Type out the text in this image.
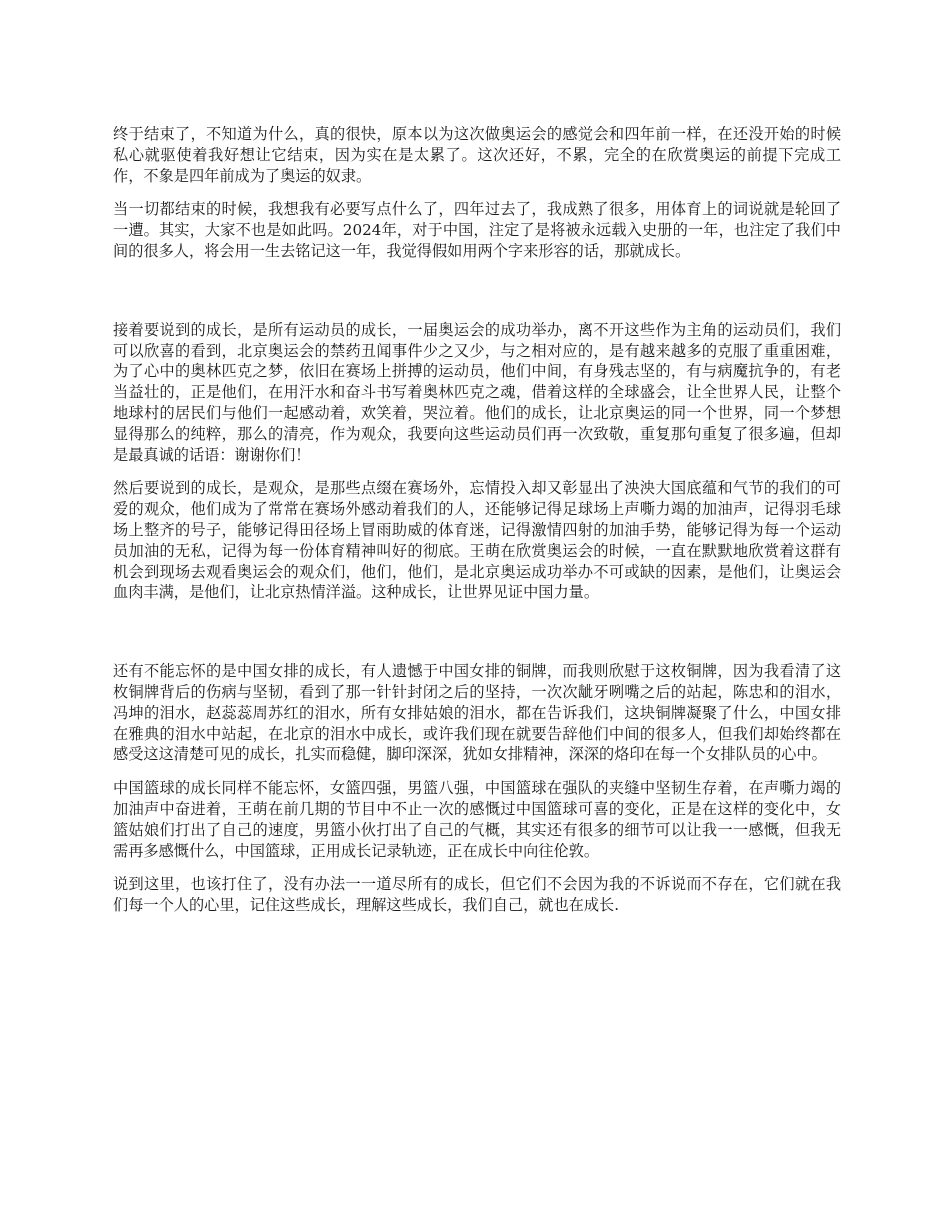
终于结束了，不知道为什么，真的很快，原本以为这次做奥运会的感觉会和四年前一样，在还没开始的时候私心就驱使着我好想让它结束，因为实在是太累了。这次还好，不累，完全的在欣赏奥运的前提下完成工作，不象是四年前成为了奥运的奴隶。

当一切都结束的时候，我想我有必要写点什么了，四年过去了，我成熟了很多，用体育上的词说就是轮回了一遭。其实，大家不也是如此吗。2024年，对于中国，注定了是将被永远载入史册的一年，也注定了我们中间的很多人，将会用一生去铭记这一年，我觉得假如用两个字来形容的话，那就成长。

接着要说到的成长，是所有运动员的成长，一届奥运会的成功举办，离不开这些作为主角的运动员们，我们可以欣喜的看到，北京奥运会的禁药丑闻事件少之又少，与之相对应的，是有越来越多的克服了重重困难，为了心中的奥林匹克之梦，依旧在赛场上拼搏的运动员，他们中间，有身残志坚的，有与病魔抗争的，有老当益壮的，正是他们，在用汗水和奋斗书写着奥林匹克之魂，借着这样的全球盛会，让全世界人民，让整个地球村的居民们与他们一起感动着，欢笑着，哭泣着。他们的成长，让北京奥运的同一个世界，同一个梦想显得那么的纯粹，那么的清亮，作为观众，我要向这些运动员们再一次致敬，重复那句重复了很多遍，但却是最真诚的话语：谢谢你们！

然后要说到的成长，是观众，是那些点缀在赛场外，忘情投入却又彰显出了泱泱大国底蕴和气节的我们的可爱的观众，他们成为了常常在赛场外感动着我们的人，还能够记得足球场上声嘶力竭的加油声，记得羽毛球场上整齐的号子，能够记得田径场上冒雨助威的体育迷，记得激情四射的加油手势，能够记得为每一个运动员加油的无私，记得为每一份体育精神叫好的彻底。王萌在欣赏奥运会的时候，一直在默默地欣赏着这群有机会到现场去观看奥运会的观众们，他们，他们，是北京奥运成功举办不可或缺的因素，是他们，让奥运会血肉丰满，是他们，让北京热情洋溢。这种成长，让世界见证中国力量。

还有不能忘怀的是中国女排的成长，有人遗憾于中国女排的铜牌，而我则欣慰于这枚铜牌，因为我看清了这枚铜牌背后的伤病与坚韧，看到了那一针针封闭之后的坚持，一次次龇牙咧嘴之后的站起，陈忠和的泪水，冯坤的泪水，赵蕊蕊周苏红的泪水，所有女排姑娘的泪水，都在告诉我们，这块铜牌凝聚了什么，中国女排在雅典的泪水中站起，在北京的泪水中成长，或许我们现在就要告辞他们中间的很多人，但我们却始终都在感受这这清楚可见的成长，扎实而稳健，脚印深深，犹如女排精神，深深的烙印在每一个女排队员的心中。

中国篮球的成长同样不能忘怀，女篮四强，男篮八强，中国篮球在强队的夹缝中坚韧生存着，在声嘶力竭的加油声中奋进着，王萌在前几期的节目中不止一次的感慨过中国篮球可喜的变化，正是在这样的变化中，女篮姑娘们打出了自己的速度，男篮小伙打出了自己的气概，其实还有很多的细节可以让我一一感慨，但我无需再多感慨什么，中国篮球，正用成长记录轨迹，正在成长中向往伦敦。

说到这里，也该打住了，没有办法一一道尽所有的成长，但它们不会因为我的不诉说而不存在，它们就在我们每一个人的心里，记住这些成长，理解这些成长，我们自己，就也在成长.
